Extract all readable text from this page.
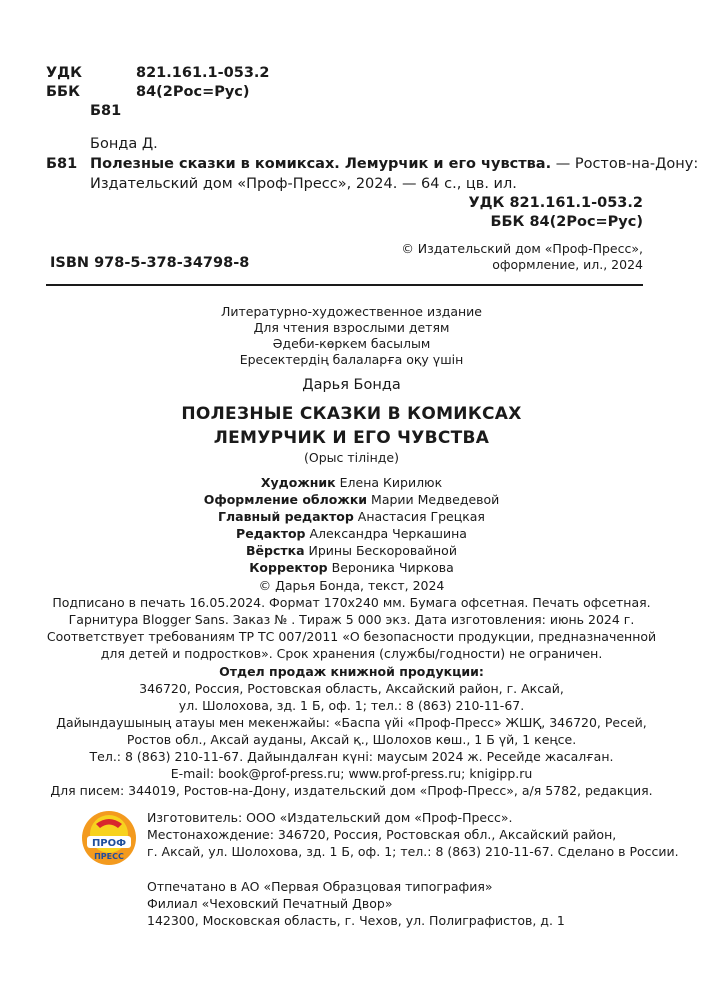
УДК	821.161.1-053.2
ББК	84(2Рос=Рус)
Б81
Бонда Д.
Б81 Полезные сказки в комиксах. Лемурчик и его чувства. — Ростов-на-Дону:
Издательский дом «Проф-Пресс», 2024. — 64 с., цв. ил.
УДК 821.161.1-053.2
ББК 84(2Рос=Рус)
ISBN 978-5-378-34798-8
© Издательский дом «Проф-Пресс»,
оформление, ил., 2024
Литературно-художественное издание
Для чтения взрослыми детям
Әдеби-көркем басылым
Ересектердің балаларға оқу үшін
Дарья Бонда
ПОЛЕЗНЫЕ СКАЗКИ В КОМИКСАХ
ЛЕМУРЧИК И ЕГО ЧУВСТВА
(Орыс тілінде)
Художник Елена Кирилюк
Оформление обложки Марии Медведевой
Главный редактор Анастасия Грецкая
Редактор Александра Черкашина
Вёрстка Ирины Бескоровайной
Корректор Вероника Чиркова
© Дарья Бонда, текст, 2024
Подписано в печать 16.05.2024. Формат 170х240 мм. Бумага офсетная. Печать офсетная.
Гарнитура Blogger Sans. Заказ № . Тираж 5 000 экз. Дата изготовления: июнь 2024 г.
Соответствует требованиям ТР ТС 007/2011 «О безопасности продукции, предназначенной
для детей и подростков». Срок хранения (службы/годности) не ограничен.
Отдел продаж книжной продукции:
346720, Россия, Ростовская область, Аксайский район, г. Аксай,
ул. Шолохова, зд. 1 Б, оф. 1; тел.: 8 (863) 210-11-67.
Дайындаушының атауы мен мекенжайы: «Баспа үйі «Проф-Пресс» ЖШҚ, 346720, Ресей,
Ростов обл., Аксай ауданы, Аксай қ., Шолохов көш., 1 Б үй, 1 кеңсе.
Тел.: 8 (863) 210-11-67. Дайындалған күні: маусым 2024 ж. Ресейде жасалған.
E-mail: book@prof-press.ru; www.prof-press.ru; knigipp.ru
Для писем: 344019, Ростов-на-Дону, издательский дом «Проф-Пресс», а/я 5782, редакция.
ПРОФ
ПРЕСС
Изготовитель: ООО «Издательский дом «Проф-Пресс».
Местонахождение: 346720, Россия, Ростовская обл., Аксайский район,
г. Аксай, ул. Шолохова, зд. 1 Б, оф. 1; тел.: 8 (863) 210-11-67. Сделано в России.
Отпечатано в АО «Первая Образцовая типография»
Филиал «Чеховский Печатный Двор»
142300, Московская область, г. Чехов, ул. Полиграфистов, д. 1
